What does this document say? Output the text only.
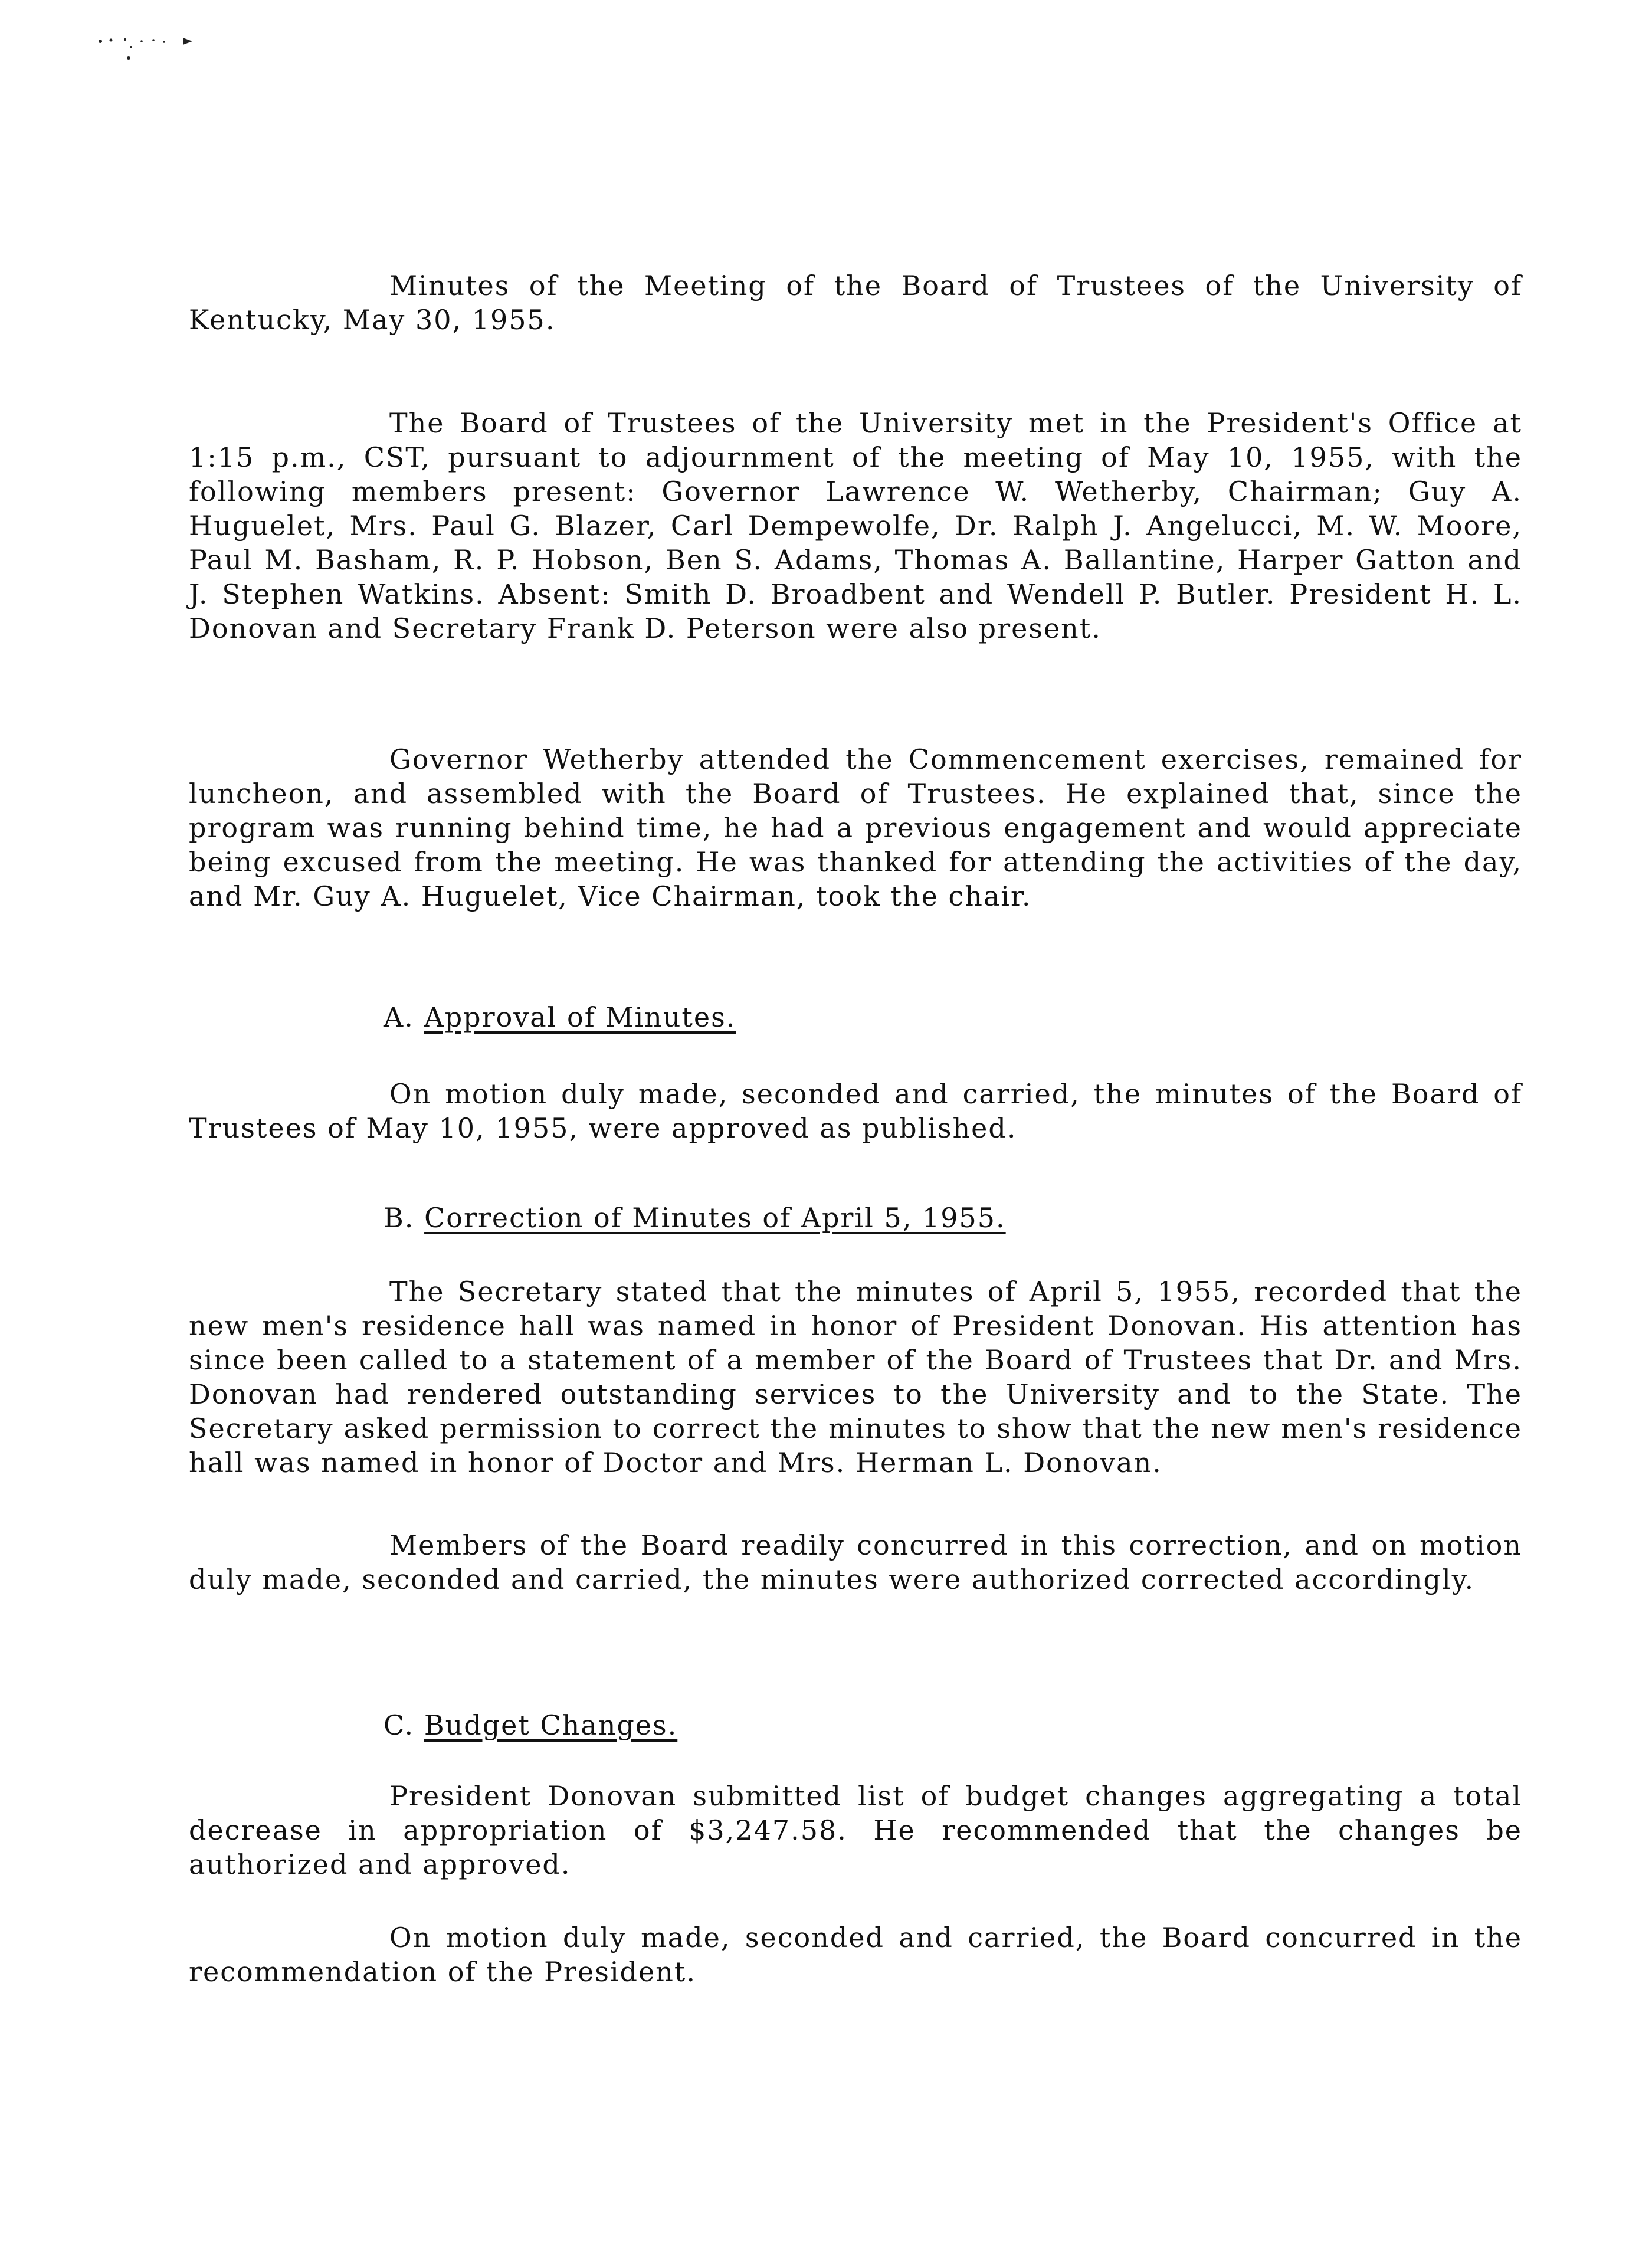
Minutes of the Meeting of the Board of Trustees of the University of Kentucky, May 30, 1955.
The Board of Trustees of the University met in the President's Office at 1:15 p.m., CST, pursuant to adjournment of the meeting of May 10, 1955, with the following members present: Governor Lawrence W. Wetherby, Chairman; Guy A. Huguelet, Mrs. Paul G. Blazer, Carl Dempewolfe, Dr. Ralph J. Angelucci, M. W. Moore, Paul M. Basham, R. P. Hobson, Ben S. Adams, Thomas A. Ballantine, Harper Gatton and J. Stephen Watkins. Absent: Smith D. Broadbent and Wendell P. Butler. President H. L. Donovan and Secretary Frank D. Peterson were also present.
Governor Wetherby attended the Commencement exercises, remained for luncheon, and assembled with the Board of Trustees. He explained that, since the program was running behind time, he had a previous engagement and would appreciate being excused from the meeting. He was thanked for attending the activities of the day, and Mr. Guy A. Huguelet, Vice Chairman, took the chair.
A. Approval of Minutes.
On motion duly made, seconded and carried, the minutes of the Board of Trustees of May 10, 1955, were approved as published.
B. Correction of Minutes of April 5, 1955.
The Secretary stated that the minutes of April 5, 1955, recorded that the new men's residence hall was named in honor of President Donovan. His attention has since been called to a statement of a member of the Board of Trustees that Dr. and Mrs. Donovan had rendered outstanding services to the University and to the State. The Secretary asked permission to correct the minutes to show that the new men's residence hall was named in honor of Doctor and Mrs. Herman L. Donovan.
Members of the Board readily concurred in this correction, and on motion duly made, seconded and carried, the minutes were authorized corrected accordingly.
C. Budget Changes.
President Donovan submitted list of budget changes aggregating a total decrease in appropriation of $3,247.58. He recommended that the changes be authorized and approved.
On motion duly made, seconded and carried, the Board concurred in the recommendation of the President.
